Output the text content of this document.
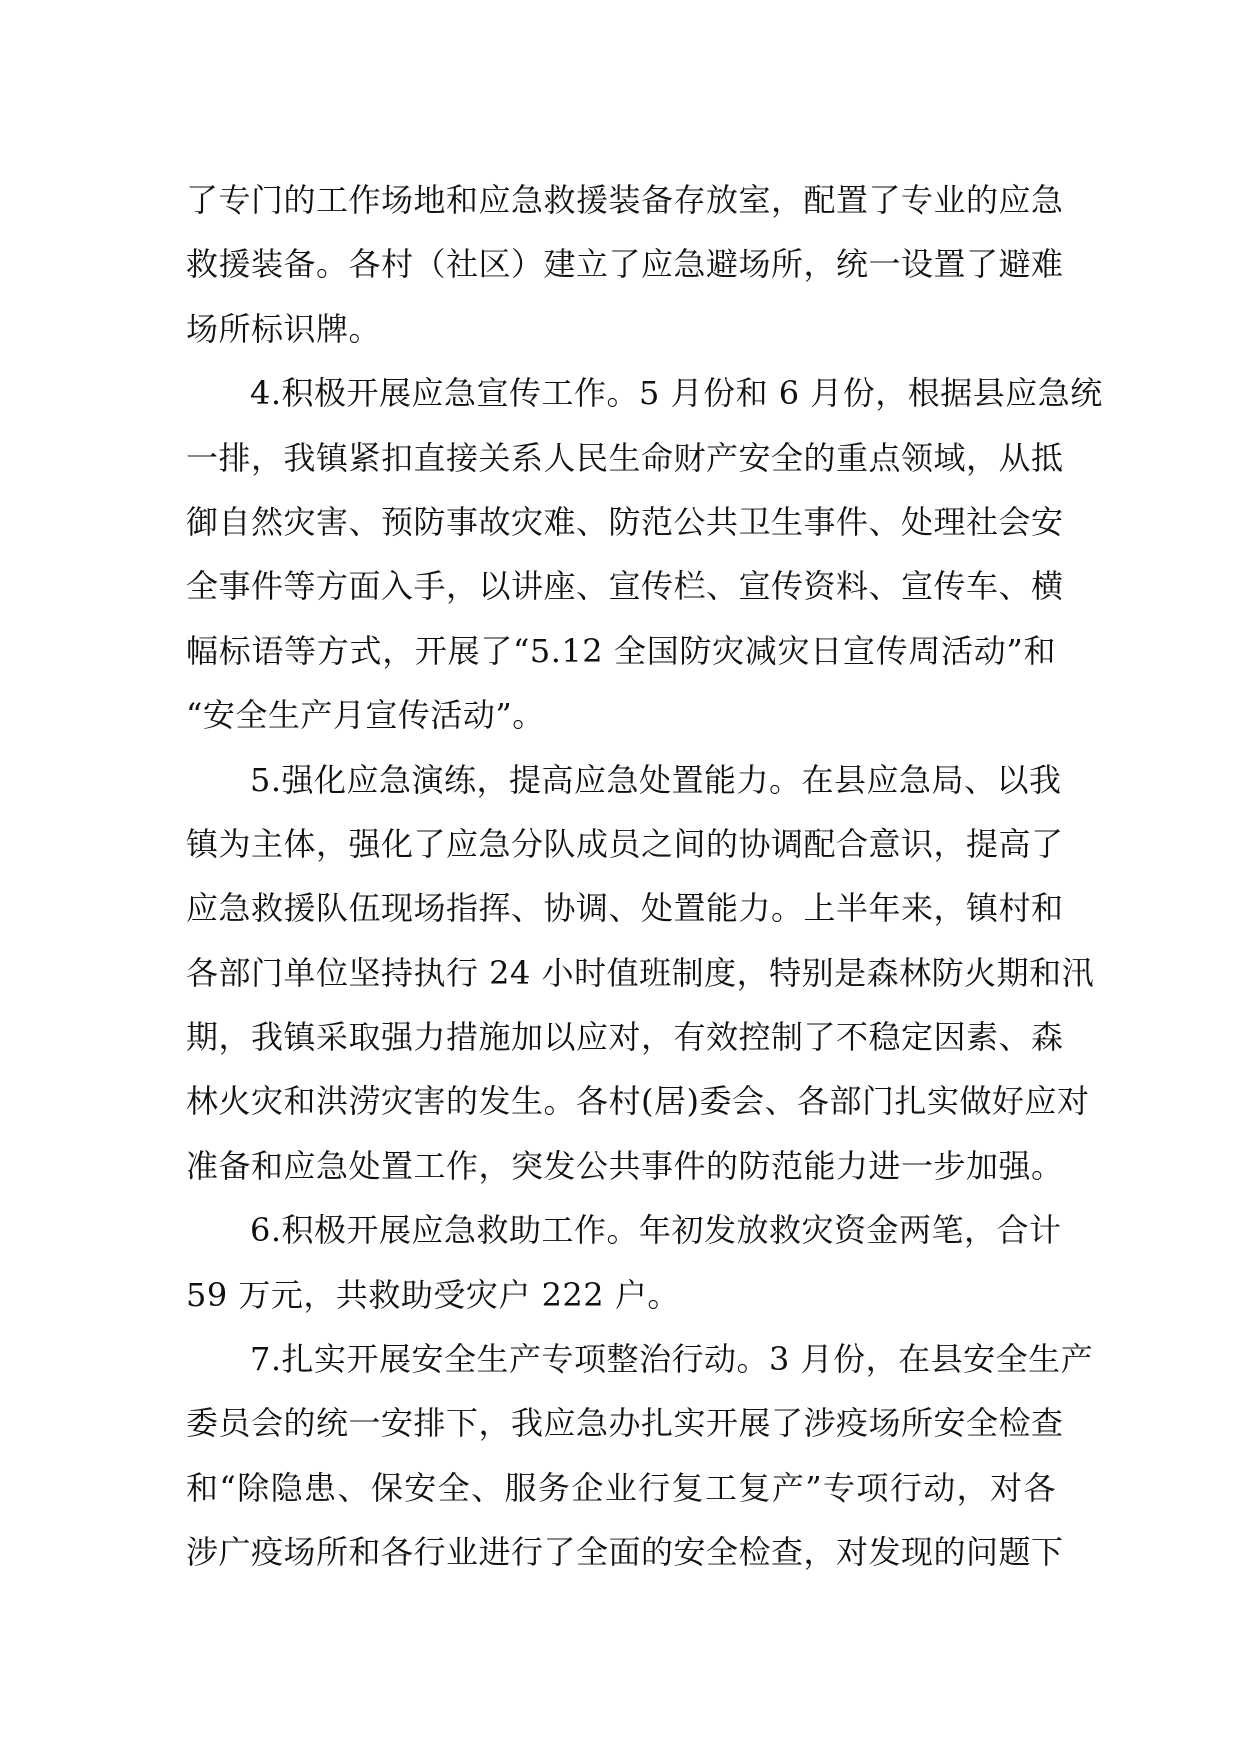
了专门的工作场地和应急救援装备存放室，配置了专业的应急
救援装备。各村（社区）建立了应急避场所，统一设置了避难
场所标识牌。
4.积极开展应急宣传工作。5 月份和 6 月份，根据县应急统
一排，我镇紧扣直接关系人民生命财产安全的重点领域，从抵
御自然灾害、预防事故灾难、防范公共卫生事件、处理社会安
全事件等方面入手，以讲座、宣传栏、宣传资料、宣传车、横
幅标语等方式，开展了“5.12 全国防灾减灾日宣传周活动”和
“安全生产月宣传活动”。
5.强化应急演练，提高应急处置能力。在县应急局、以我
镇为主体，强化了应急分队成员之间的协调配合意识，提高了
应急救援队伍现场指挥、协调、处置能力。上半年来，镇村和
各部门单位坚持执行 24 小时值班制度，特别是森林防火期和汛
期，我镇采取强力措施加以应对，有效控制了不稳定因素、森
林火灾和洪涝灾害的发生。各村(居)委会、各部门扎实做好应对
准备和应急处置工作，突发公共事件的防范能力进一步加强。
6.积极开展应急救助工作。年初发放救灾资金两笔，合计
59 万元，共救助受灾户 222 户。
7.扎实开展安全生产专项整治行动。3 月份，在县安全生产
委员会的统一安排下，我应急办扎实开展了涉疫场所安全检查
和“除隐患、保安全、服务企业行复工复产”专项行动，对各
涉广疫场所和各行业进行了全面的安全检查，对发现的问题下
